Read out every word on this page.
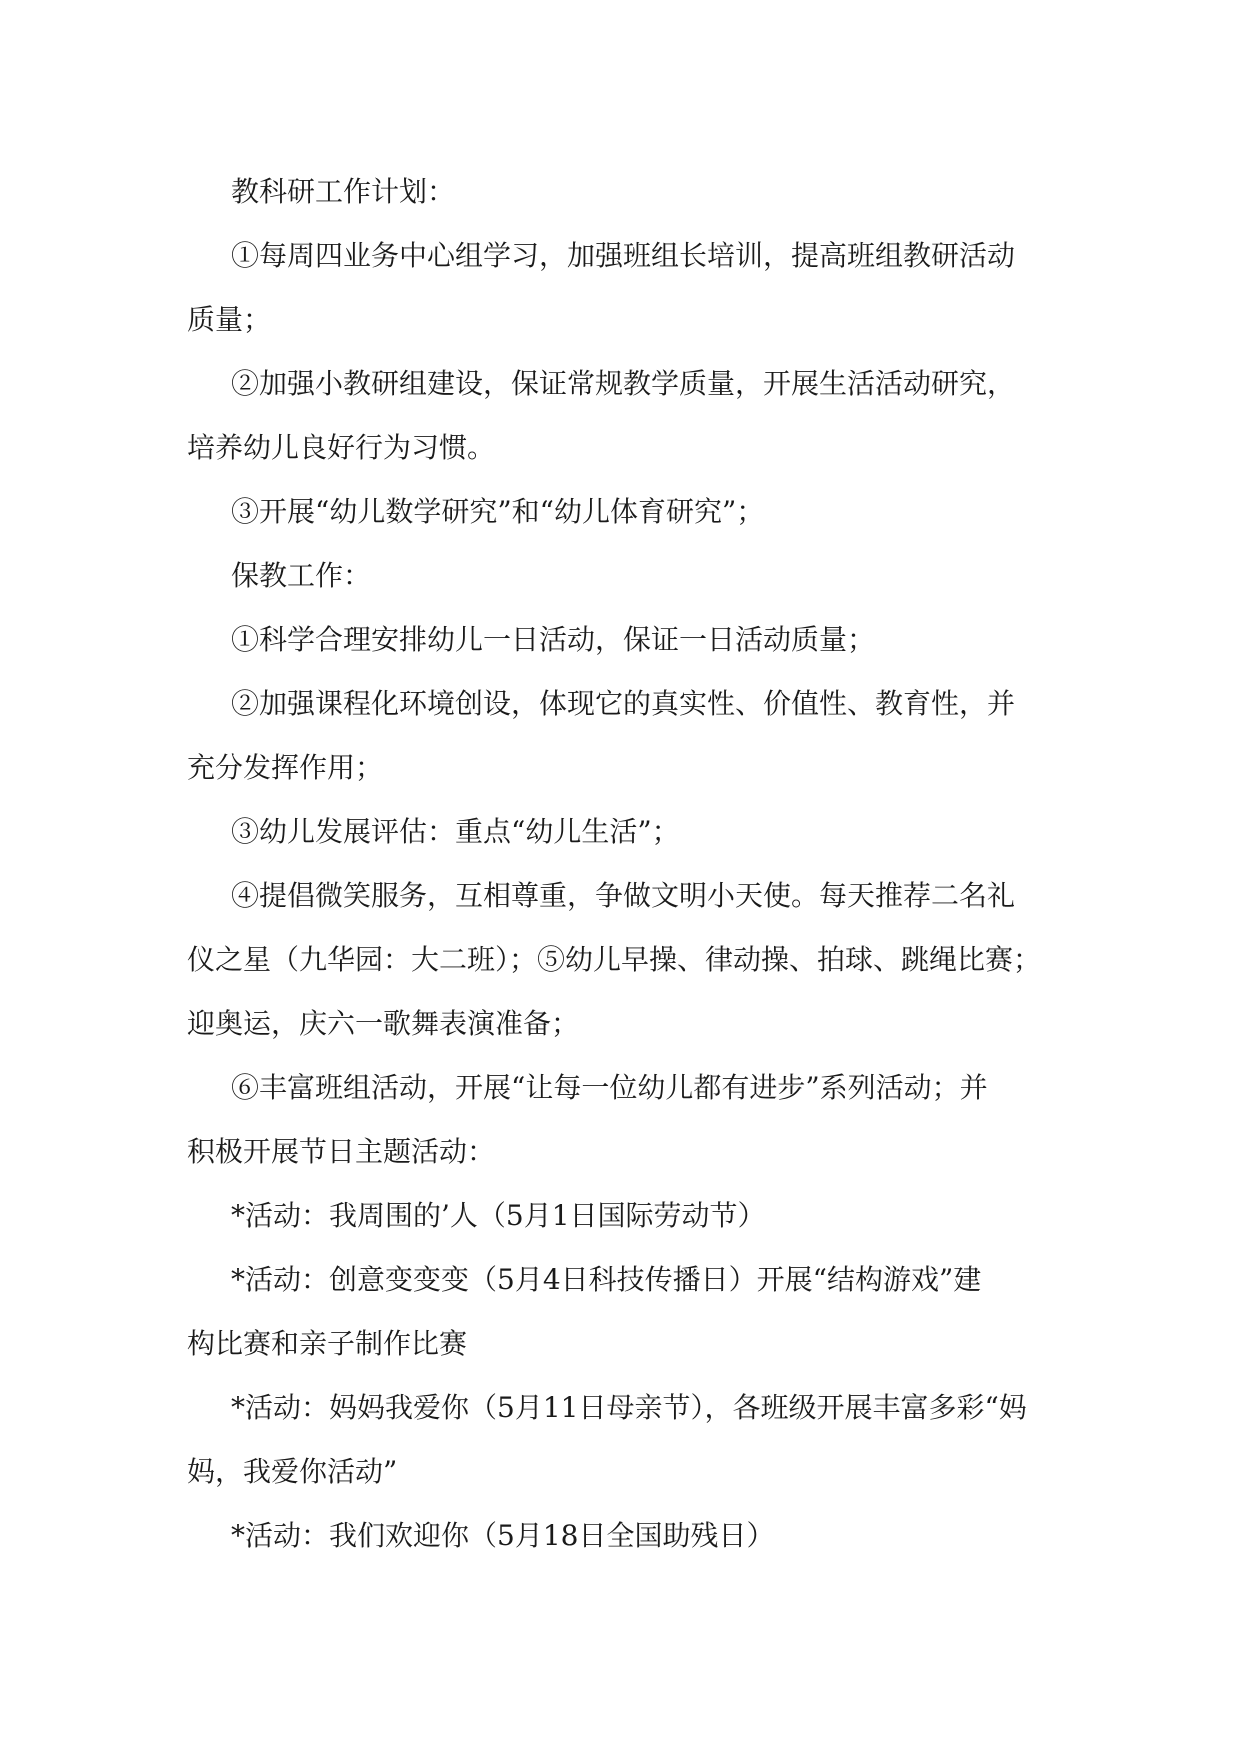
教科研工作计划：

①每周四业务中心组学习，加强班组长培训，提高班组教研活动
质量；

②加强小教研组建设，保证常规教学质量，开展生活活动研究，
培养幼儿良好行为习惯。

③开展“幼儿数学研究”和“幼儿体育研究”；

保教工作：

①科学合理安排幼儿一日活动，保证一日活动质量；

②加强课程化环境创设，体现它的真实性、价值性、教育性，并
充分发挥作用；

③幼儿发展评估：重点“幼儿生活”；

④提倡微笑服务，互相尊重，争做文明小天使。每天推荐二名礼
仪之星（九华园：大二班）；⑤幼儿早操、律动操、拍球、跳绳比赛；
迎奥运，庆六一歌舞表演准备；

⑥丰富班组活动，开展“让每一位幼儿都有进步”系列活动；并
积极开展节日主题活动：

*活动：我周围的’人（5月1日国际劳动节）

*活动：创意变变变（5月4日科技传播日）开展“结构游戏”建
构比赛和亲子制作比赛

*活动：妈妈我爱你（5月11日母亲节），各班级开展丰富多彩“妈
妈，我爱你活动”

*活动：我们欢迎你（5月18日全国助残日）
